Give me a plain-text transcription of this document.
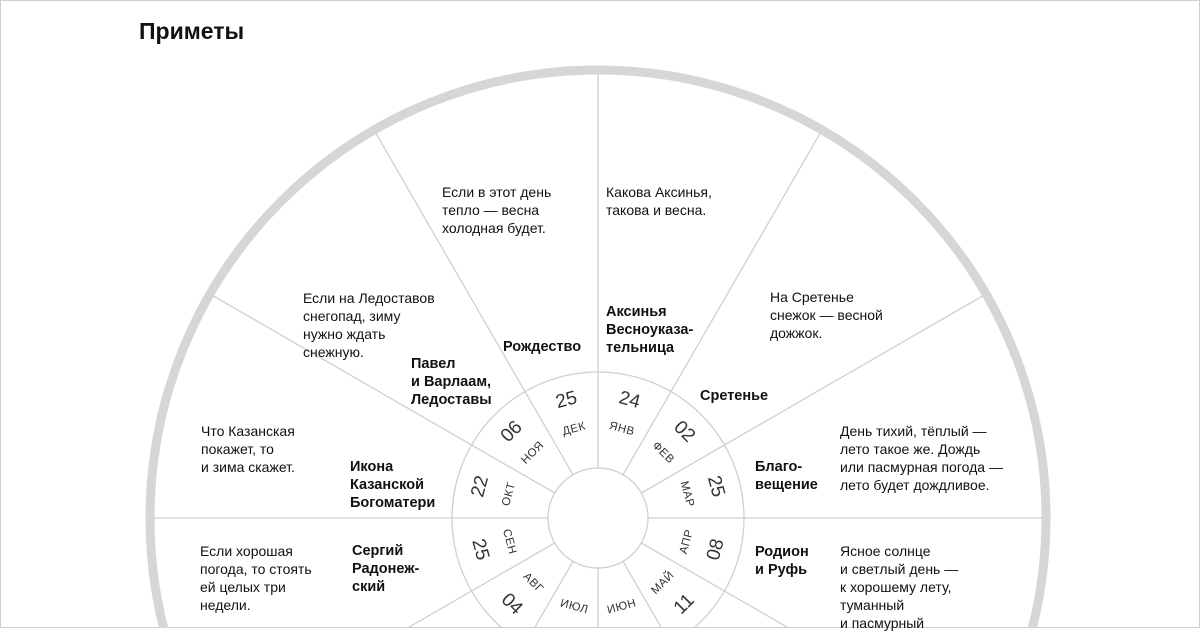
Приметы
24
ЯНВ 02
ФЕВ
25
МАР
08
АПР
11
МАЙ
ИЮН
ИЮЛ
04
АВГ
25 СЕН
22 ОКТ
06
НОЯ
25
ДЕК
Если в этот день
тепло — весна
холодная будет.
Какова Аксинья,
такова и весна.
На Сретенье
снежок — весной
дожжок.
День тихий, тёплый —
лето такое же. Дождь
или пасмурная погода —
лето будет дождливое.
Ясное солнце
и светлый день —
к хорошему лету,
туманный
и пасмурный
Если на Ледоставов
снегопад, зиму
нужно ждать
снежную.
Что Казанская
покажет, то
и зима скажет.
Если хорошая
погода, то стоять
ей целых три
недели.
Рождество
Аксинья
Весноуказа-
тельница
Сретенье
Благо-
вещение
Родион
и Руфь
Павел
и Варлаам,
Ледоставы
Икона
Казанской
Богоматери
Сергий
Радонеж-
ский
